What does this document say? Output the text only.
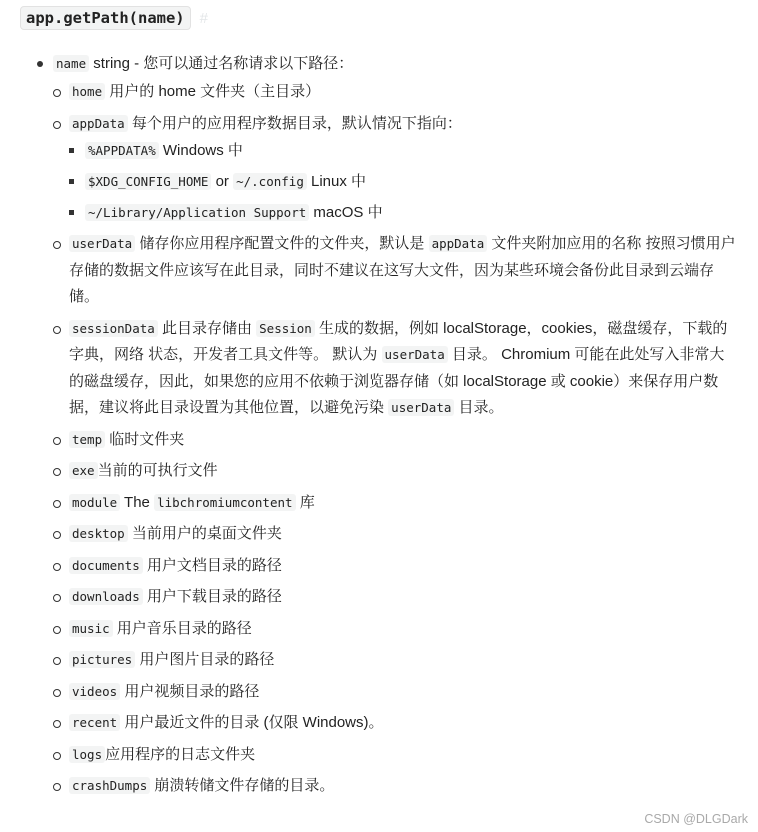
app.getPath(name)	#
name string - 您可以通过名称请求以下路径：
home 用户的 home 文件夹（主目录）
appData 每个用户的应用程序数据目录，默认情况下指向：
%APPDATA% Windows 中
$XDG_CONFIG_HOME or ~/.config Linux 中
~/Library/Application Support macOS 中
userData 储存你应用程序配置文件的文件夹，默认是 appData 文件夹附加应用的名称 按照习惯用户存储的数据文件应该写在此目录，同时不建议在这写大文件，因为某些环境会备份此目录到云端存储。
sessionData 此目录存储由 Session 生成的数据，例如 localStorage，cookies，磁盘缓存，下载的字典，网络 状态，开发者工具文件等。 默认为 userData 目录。 Chromium 可能在此处写入非常大的磁盘缓存，因此，如果您的应用不依赖于浏览器存储（如 localStorage 或 cookie）来保存用户数据，建议将此目录设置为其他位置，以避免污染 userData 目录。
temp 临时文件夹
exe 当前的可执行文件
module The libchromiumcontent 库
desktop 当前用户的桌面文件夹
documents 用户文档目录的路径
downloads 用户下载目录的路径
music 用户音乐目录的路径
pictures 用户图片目录的路径
videos 用户视频目录的路径
recent 用户最近文件的目录 (仅限 Windows)。
logs 应用程序的日志文件夹
crashDumps 崩溃转储文件存储的目录。
CSDN @DLGDark
